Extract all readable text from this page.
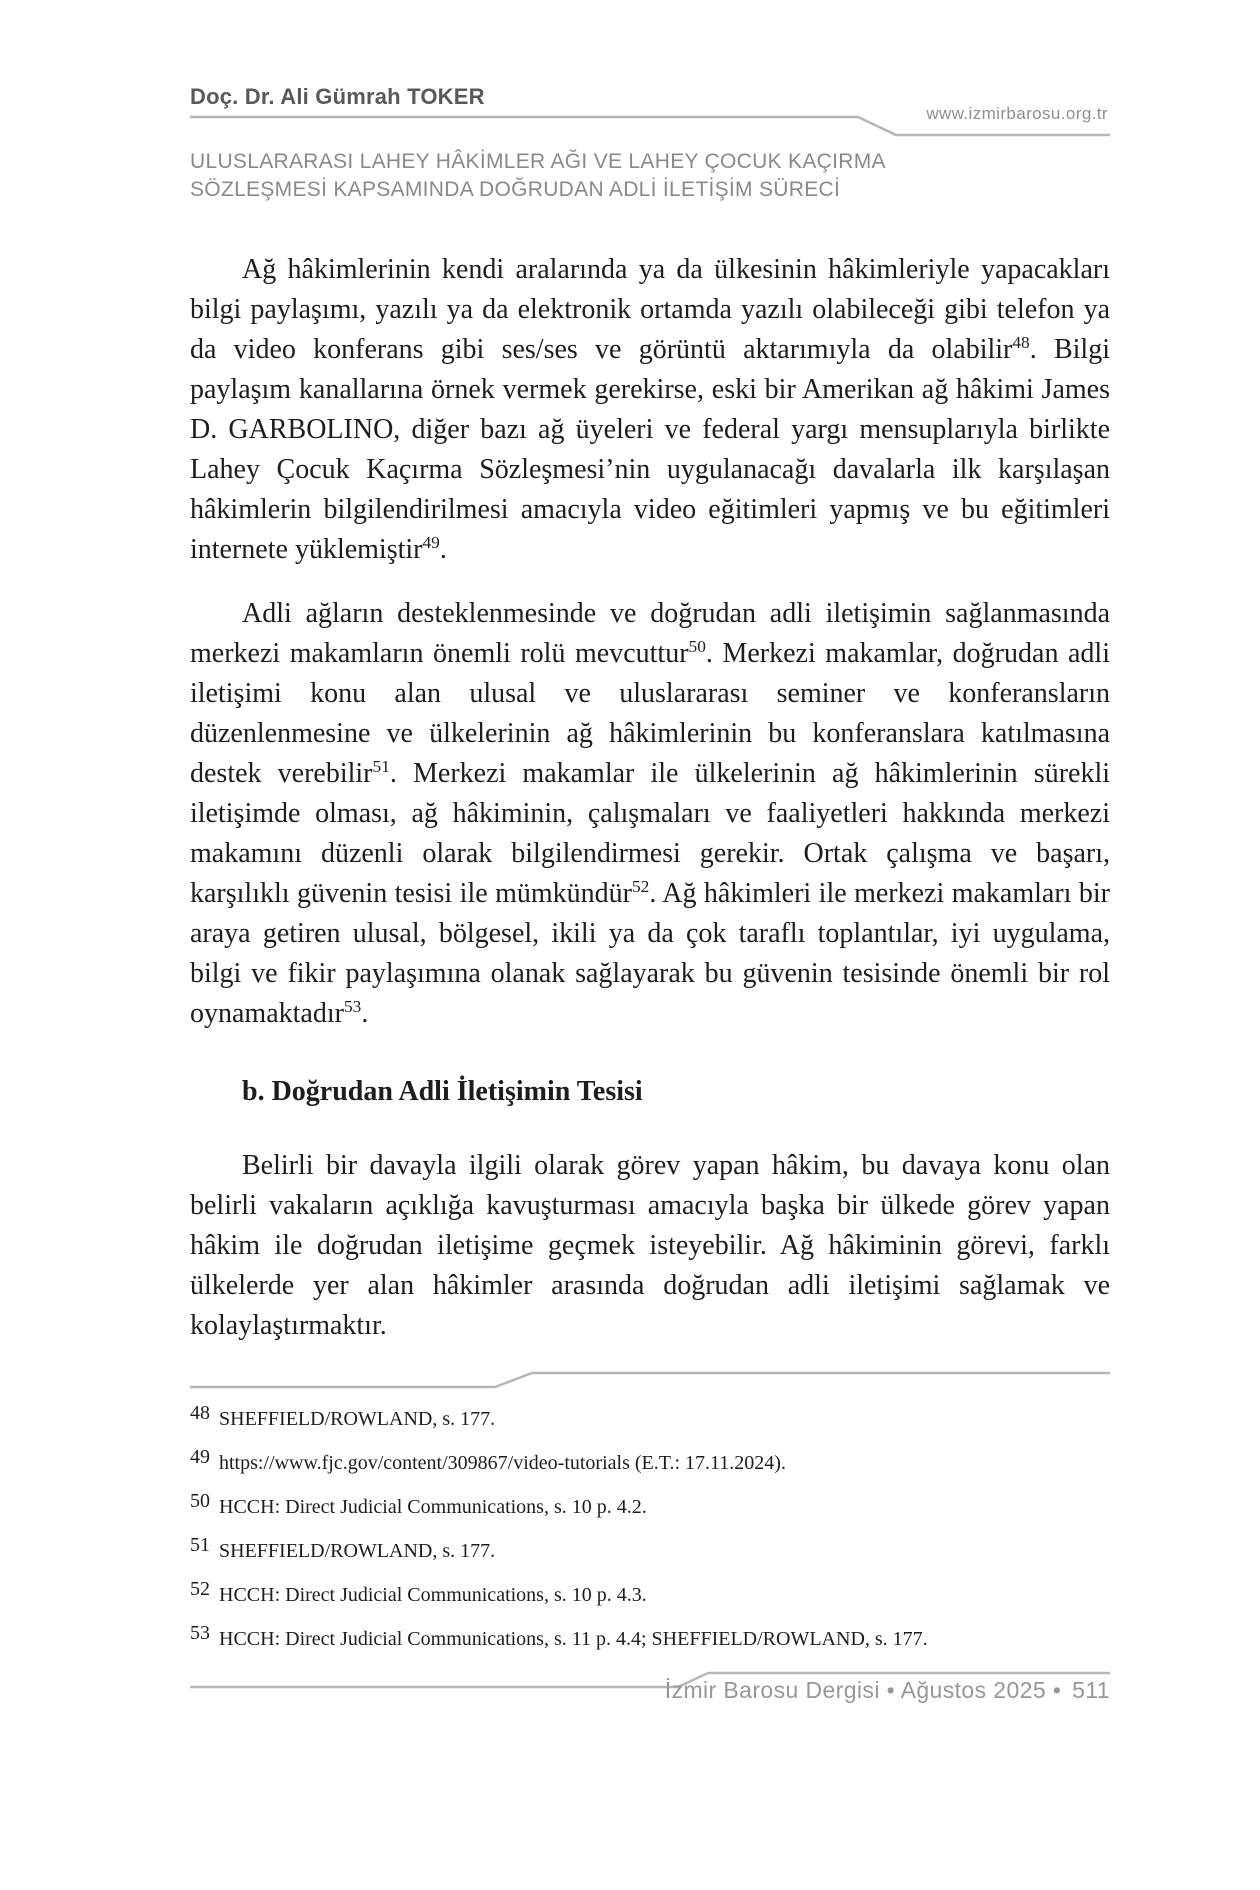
Doç. Dr. Ali Gümrah TOKER
www.izmirbarosu.org.tr
ULUSLARARASI LAHEY HÂKİMLER AĞI VE LAHEY ÇOCUK KAÇIRMA
SÖZLEŞMESİ KAPSAMINDA DOĞRUDAN ADLİ İLETİŞİM SÜRECİ

Ağ hâkimlerinin kendi aralarında ya da ülkesinin hâkimleriyle yapacakları bilgi paylaşımı, yazılı ya da elektronik ortamda yazılı olabileceği gibi telefon ya da video konferans gibi ses/ses ve görüntü aktarımıyla da olabilir$^{48}$. Bilgi paylaşım kanallarına örnek vermek gerekirse, eski bir Amerikan ağ hâkimi James D. GARBOLINO, diğer bazı ağ üyeleri ve federal yargı mensuplarıyla birlikte Lahey Çocuk Kaçırma Sözleşmesi’nin uygulanacağı davalarla ilk karşılaşan hâkimlerin bilgilendirilmesi amacıyla video eğitimleri yapmış ve bu eğitimleri internete yüklemiştir$^{49}$.

Adli ağların desteklenmesinde ve doğrudan adli iletişimin sağlanmasında merkezi makamların önemli rolü mevcuttur$^{50}$. Merkezi makamlar, doğrudan adli iletişimi konu alan ulusal ve uluslararası seminer ve konferansların düzenlenmesine ve ülkelerinin ağ hâkimlerinin bu konferanslara katılmasına destek verebilir$^{51}$. Merkezi makamlar ile ülkelerinin ağ hâkimlerinin sürekli iletişimde olması, ağ hâkiminin, çalışmaları ve faaliyetleri hakkında merkezi makamını düzenli olarak bilgilendirmesi gerekir. Ortak çalışma ve başarı, karşılıklı güvenin tesisi ile mümkündür$^{52}$. Ağ hâkimleri ile merkezi makamları bir araya getiren ulusal, bölgesel, ikili ya da çok taraflı toplantılar, iyi uygulama, bilgi ve fikir paylaşımına olanak sağlayarak bu güvenin tesisinde önemli bir rol oynamaktadır$^{53}$.

b. Doğrudan Adli İletişimin Tesisi

Belirli bir davayla ilgili olarak görev yapan hâkim, bu davaya konu olan belirli vakaların açıklığa kavuşturması amacıyla başka bir ülkede görev yapan hâkim ile doğrudan iletişime geçmek isteyebilir. Ağ hâkiminin görevi, farklı ülkelerde yer alan hâkimler arasında doğrudan adli iletişimi sağlamak ve kolaylaştırmaktır.

48 SHEFFIELD/ROWLAND, s. 177.
49 https://www.fjc.gov/content/309867/video-tutorials (E.T.: 17.11.2024).
50 HCCH: Direct Judicial Communications, s. 10 p. 4.2.
51 SHEFFIELD/ROWLAND, s. 177.
52 HCCH: Direct Judicial Communications, s. 10 p. 4.3.
53 HCCH: Direct Judicial Communications, s. 11 p. 4.4; SHEFFIELD/ROWLAND, s. 177.
İzmir Barosu Dergisi • Ağustos 2025 • 511
